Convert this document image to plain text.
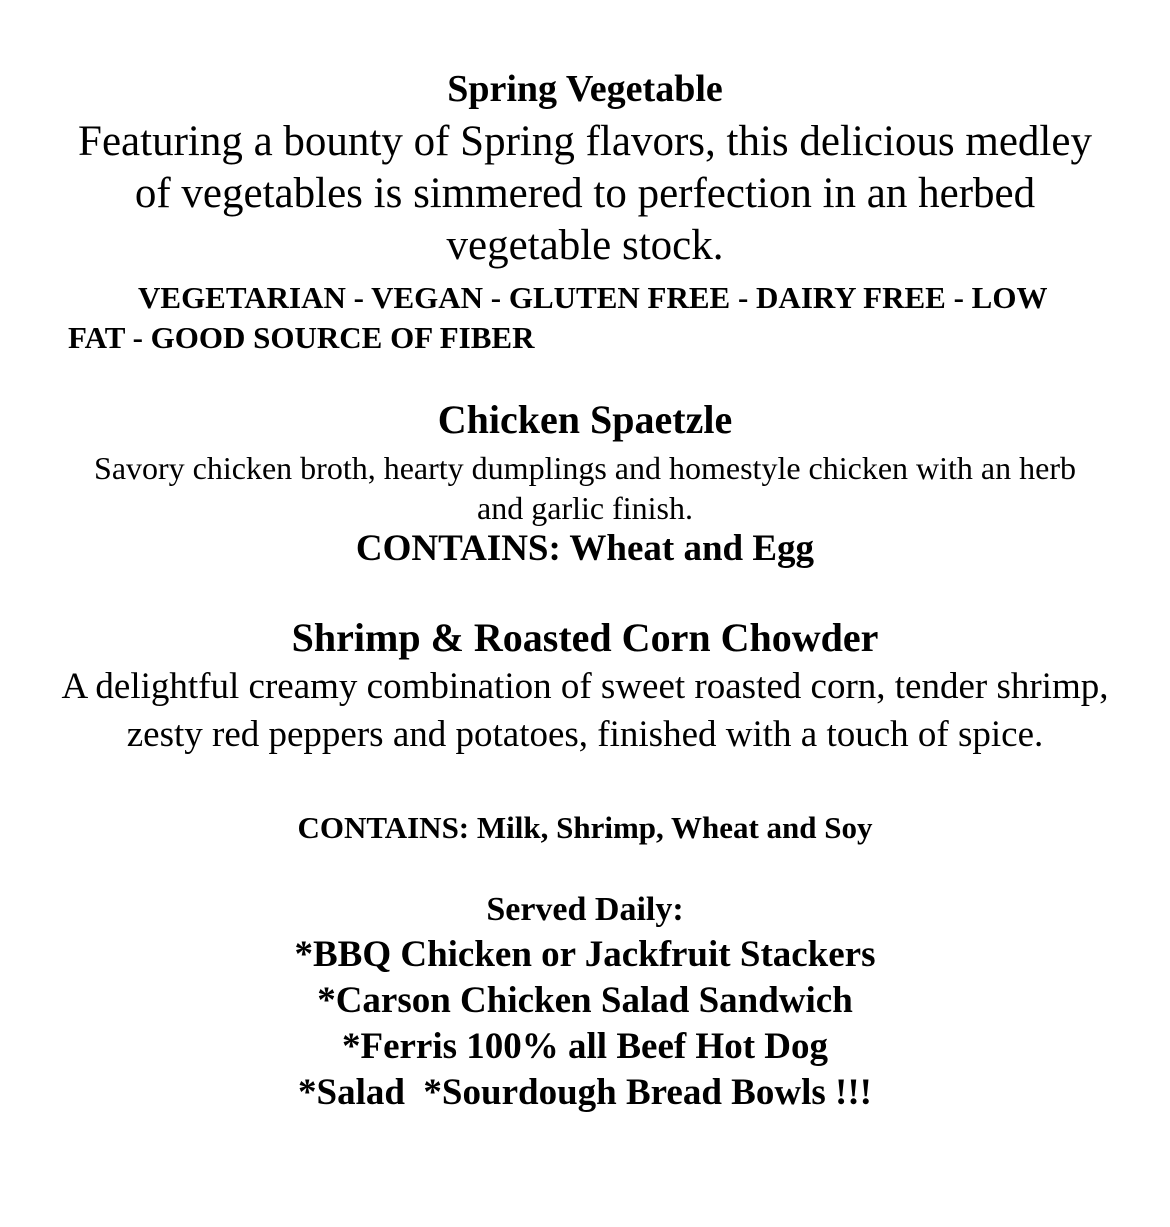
Spring Vegetable

Featuring a bounty of Spring flavors, this delicious medley of vegetables is simmered to perfection in an herbed vegetable stock.

VEGETARIAN - VEGAN - GLUTEN FREE - DAIRY FREE - LOW FAT - GOOD SOURCE OF FIBER

Chicken Spaetzle

Savory chicken broth, hearty dumplings and homestyle chicken with an herb and garlic finish.

CONTAINS: Wheat and Egg

Shrimp & Roasted Corn Chowder

A delightful creamy combination of sweet roasted corn, tender shrimp, zesty red peppers and potatoes, finished with a touch of spice.

CONTAINS: Milk, Shrimp, Wheat and Soy

Served Daily:

*BBQ Chicken or Jackfruit Stackers

*Carson Chicken Salad Sandwich

*Ferris 100% all Beef Hot Dog

*Salad  *Sourdough Bread Bowls !!!
